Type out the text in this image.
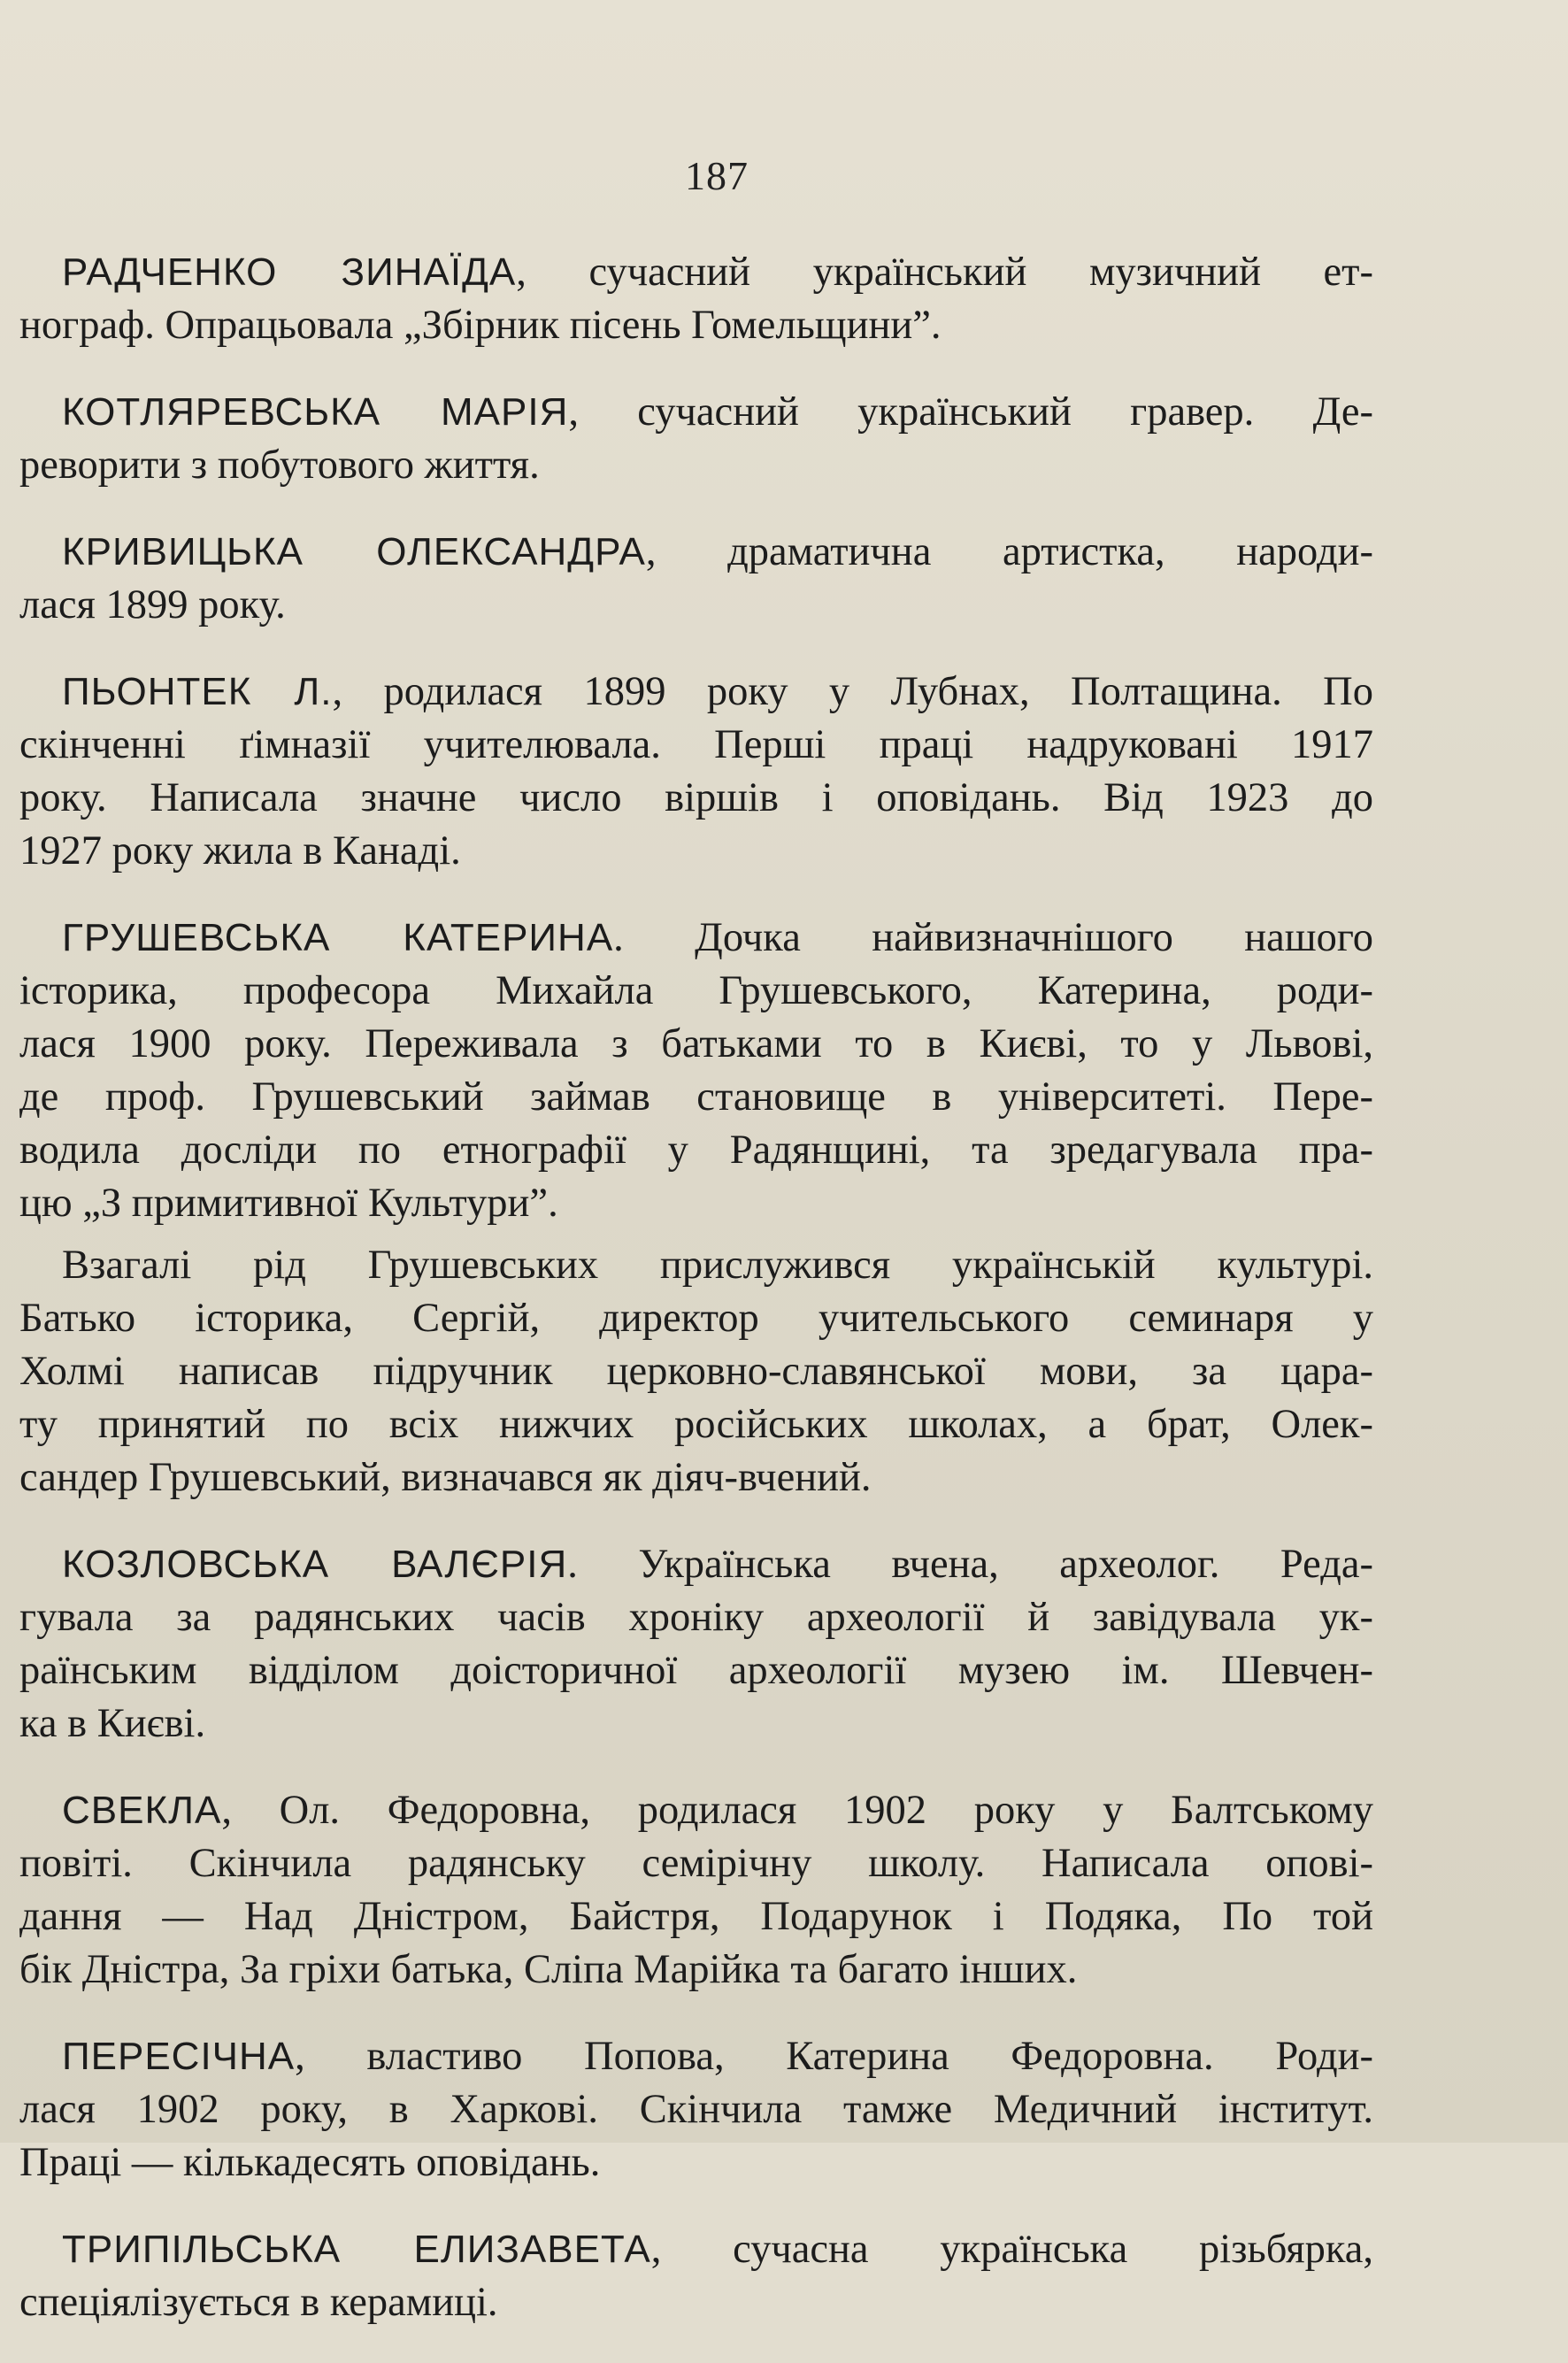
187
РАДЧЕНКО ЗИНАЇДА, сучасний український музичний ет-
нограф. Опрацьовала „Збірник пісень Гомельщини”.
КОТЛЯРЕВСЬКА МАРІЯ, сучасний український гравер. Де-
реворити з побутового життя.
КРИВИЦЬКА ОЛЕКСАНДРА, драматична артистка, народи-
лася 1899 року.
ПЬОНТЕК Л., родилася 1899 року у Лубнах, Полтащина. По
скінченні ґімназії учителювала. Перші праці надруковані 1917
року. Написала значне число віршів і оповідань. Від 1923 до
1927 року жила в Канаді.
ГРУШЕВСЬКА КАТЕРИНА. Дочка найвизначнішого нашого
історика, професора Михайла Грушевського, Катерина, роди-
лася 1900 року. Переживала з батьками то в Києві, то у Львові,
де проф. Грушевський займав становище в університеті. Пере-
водила досліди по етнографії у Радянщині, та зредагувала пра-
цю „З примитивної Культури”.
Взагалі рід Грушевських прислужився українській культурі.
Батько історика, Сергій, директор учительського семинаря у
Холмі написав підручник церковно-славянської мови, за цара-
ту принятий по всіх нижчих російських школах, а брат, Олек-
сандер Грушевський, визначався як діяч-вчений.
КОЗЛОВСЬКА ВАЛЄРІЯ. Українська вчена, археолог. Реда-
гувала за радянських часів хроніку археології й завідувала ук-
раїнським відділом доісторичної археології музею ім. Шевчен-
ка в Києві.
СВЕКЛА, Ол. Федоровна, родилася 1902 року у Балтському
повіті. Скінчила радянську семірічну школу. Написала опові-
дання — Над Дністром, Байстря, Подарунок і Подяка, По той
бік Дністра, За гріхи батька, Сліпа Марійка та багато інших.
ПЕРЕСІЧНА, властиво Попова, Катерина Федоровна. Роди-
лася 1902 року, в Харкові. Скінчила тамже Медичний інститут.
Праці — кількадесять оповідань.
ТРИПІЛЬСЬКА ЕЛИЗАВЕТА, сучасна українська різьбярка,
спеціялізується в керамиці.
